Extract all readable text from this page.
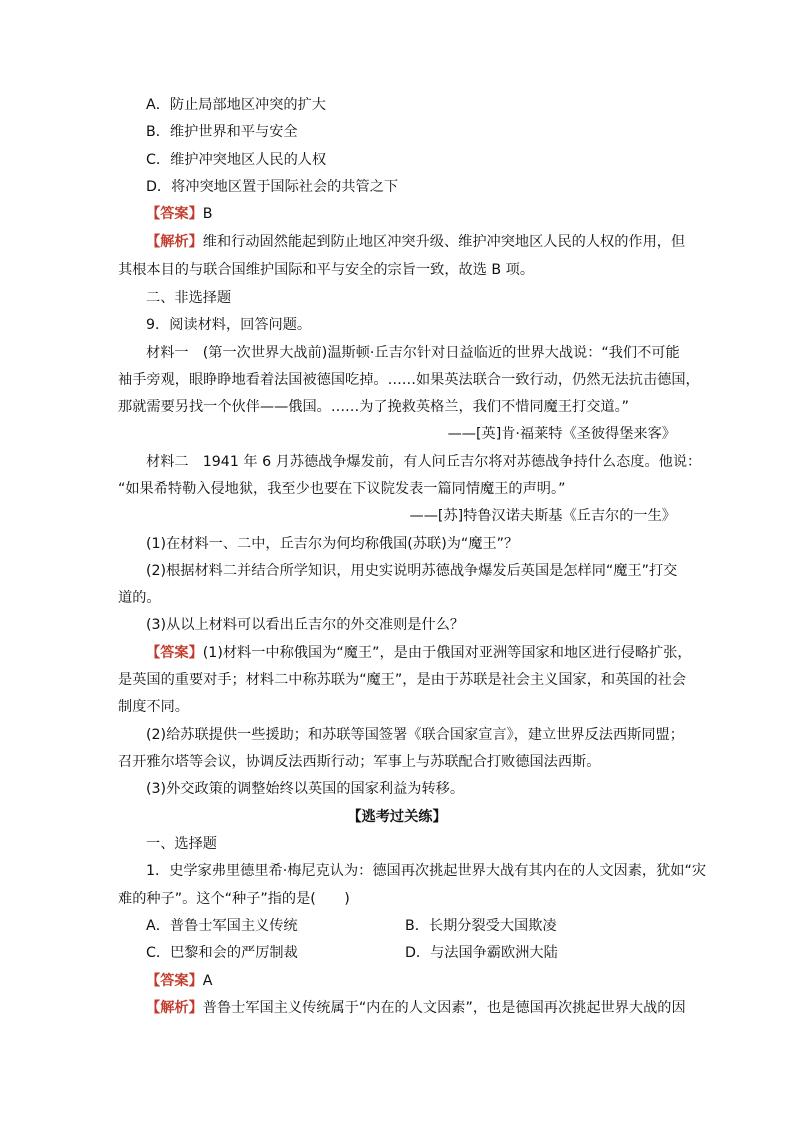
A．防止局部地区冲突的扩大
B．维护世界和平与安全
C．维护冲突地区人民的人权
D．将冲突地区置于国际社会的共管之下
【答案】B
【解析】维和行动固然能起到防止地区冲突升级、维护冲突地区人民的人权的作用，但
其根本目的与联合国维护国际和平与安全的宗旨一致，故选 B 项。
二、非选择题
9．阅读材料，回答问题。
材料一　(第一次世界大战前)温斯顿·丘吉尔针对日益临近的世界大战说：“我们不可能
袖手旁观，眼睁睁地看着法国被德国吃掉。……如果英法联合一致行动，仍然无法抗击德国，
那就需要另找一个伙伴——俄国。……为了挽救英格兰，我们不惜同魔王打交道。”
——[英]肯·福莱特《圣彼得堡来客》
材料二　1941 年 6 月苏德战争爆发前，有人问丘吉尔将对苏德战争持什么态度。他说：
“如果希特勒入侵地狱，我至少也要在下议院发表一篇同情魔王的声明。”
——[苏]特鲁汉诺夫斯基《丘吉尔的一生》
(1)在材料一、二中，丘吉尔为何均称俄国(苏联)为“魔王”？
(2)根据材料二并结合所学知识，用史实说明苏德战争爆发后英国是怎样同“魔王”打交
道的。
(3)从以上材料可以看出丘吉尔的外交准则是什么？
【答案】(1)材料一中称俄国为“魔王”，是由于俄国对亚洲等国家和地区进行侵略扩张，
是英国的重要对手；材料二中称苏联为“魔王”，是由于苏联是社会主义国家，和英国的社会
制度不同。
(2)给苏联提供一些援助；和苏联等国签署《联合国家宣言》，建立世界反法西斯同盟；
召开雅尔塔等会议，协调反法西斯行动；军事上与苏联配合打败德国法西斯。
(3)外交政策的调整始终以英国的国家利益为转移。
【逃考过关练】
一、选择题
1．史学家弗里德里希·梅尼克认为：德国再次挑起世界大战有其内在的人文因素，犹如“灾
难的种子”。这个“种子”指的是(　　)
A．普鲁士军国主义传统	B．长期分裂受大国欺凌
C．巴黎和会的严厉制裁	D．与法国争霸欧洲大陆
【答案】A
【解析】普鲁士军国主义传统属于“内在的人文因素”，也是德国再次挑起世界大战的因
